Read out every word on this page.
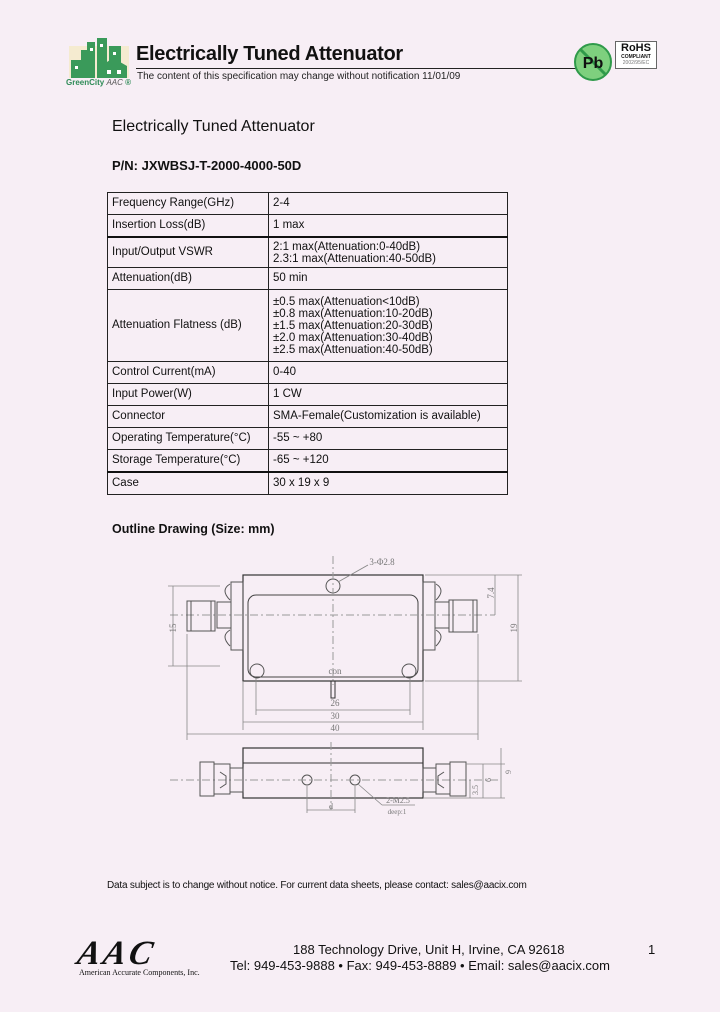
GreenCity AAC ®
Electrically Tuned Attenuator
The content of this specification may change without notification 11/01/09
Pb
RoHS
COMPLIANT
2002/95/EC
Electrically Tuned Attenuator
P/N: JXWBSJ-T-2000-4000-50D
Frequency Range(GHz)	2-4
Insertion Loss(dB)	1 max
Input/Output VSWR	2:1 max(Attenuation:0-40dB)
2.3:1 max(Attenuation:40-50dB)

Attenuation(dB)	50 min
Attenuation Flatness (dB)	±0.5 max(Attenuation<10dB)
±0.8 max(Attenuation:10-20dB)
±1.5 max(Attenuation:20-30dB)
±2.0 max(Attenuation:30-40dB)
±2.5 max(Attenuation:40-50dB)

Control Current(mA)	0-40
Input Power(W)	1 CW
Connector	SMA-Female(Customization is available)
Operating Temperature(°C)	-55 ~ +80
Storage Temperature(°C)	-65 ~ +120
Case	30 x 19 x 9
Outline Drawing (Size: mm)
26
30
40
3-Φ2.8
con
15	19
7.4
d
2-M2.5
deep:1
9
6
3.5
Data subject is to change without notice. For current data sheets, please contact: sales@aacix.com
AAC
American Accurate Components, Inc.
188 Technology Drive, Unit H, Irvine, CA 92618
Tel: 949-453-9888 • Fax: 949-453-8889 • Email: sales@aacix.com
1
